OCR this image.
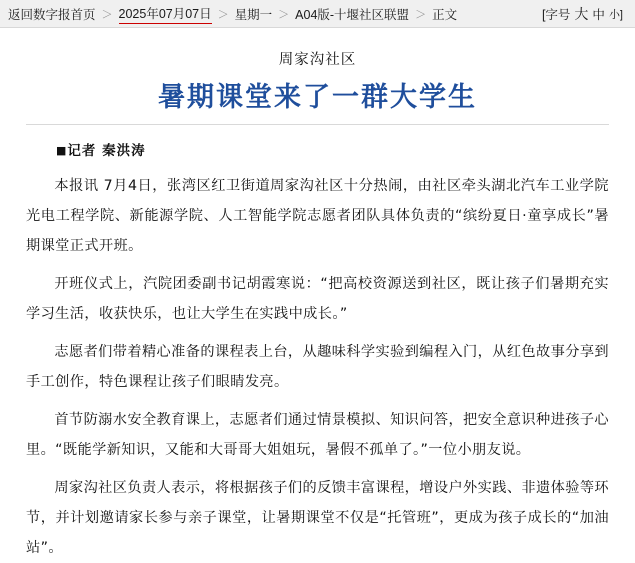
返回数字报首页 ＞ 2025年07月07日 ＞ 星期一 ＞ A04版-十堰社区联盟 ＞ 正文	[字号 大 中 小]
周家沟社区
暑期课堂来了一群大学生
■记者 秦洪涛

本报讯 7月4日，张湾区红卫街道周家沟社区十分热闹，由社区牵头湖北汽车工业学院光电工程学院、新能源学院、人工智能学院志愿者团队具体负责的“缤纷夏日·童享成长”暑期课堂正式开班。

开班仪式上，汽院团委副书记胡霞寒说：“把高校资源送到社区，既让孩子们暑期充实学习生活，收获快乐，也让大学生在实践中成长。”

志愿者们带着精心准备的课程表上台，从趣味科学实验到编程入门，从红色故事分享到手工创作，特色课程让孩子们眼睛发亮。

首节防溺水安全教育课上，志愿者们通过情景模拟、知识问答，把安全意识种进孩子心里。“既能学新知识，又能和大哥哥大姐姐玩，暑假不孤单了。”一位小朋友说。

周家沟社区负责人表示，将根据孩子们的反馈丰富课程，增设户外实践、非遗体验等环节，并计划邀请家长参与亲子课堂，让暑期课堂不仅是“托管班”，更成为孩子成长的“加油站”。
